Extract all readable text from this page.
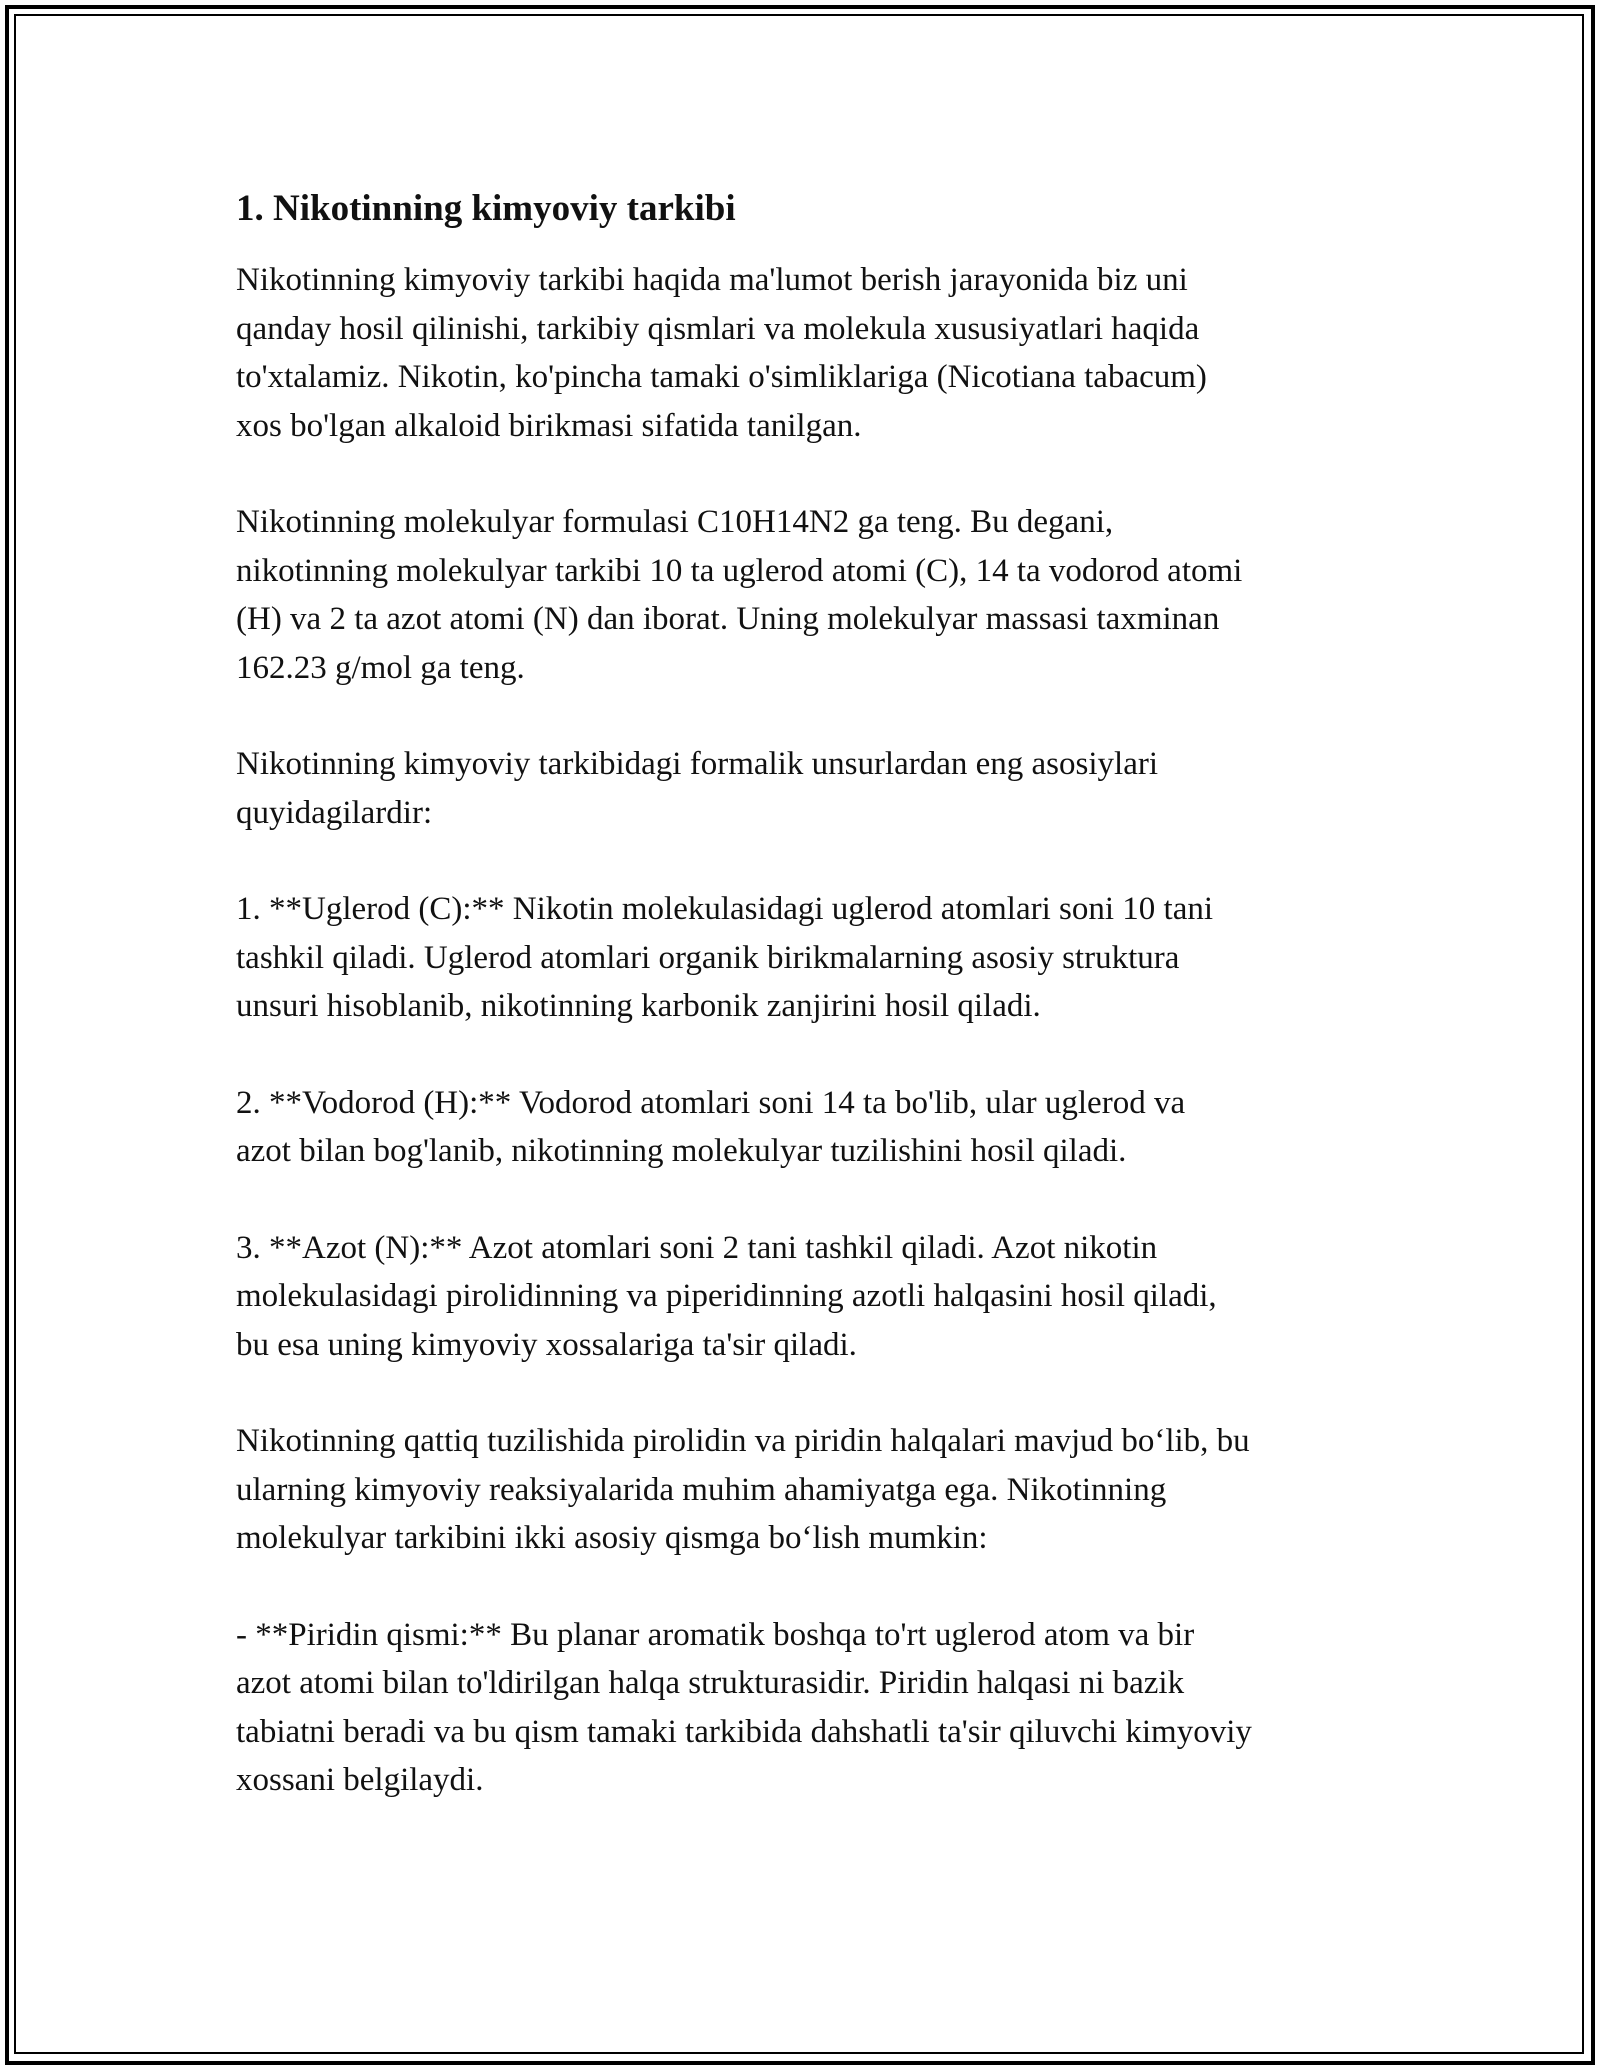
1. Nikotinning kimyoviy tarkibi

Nikotinning kimyoviy tarkibi haqida ma'lumot berish jarayonida biz uni
qanday hosil qilinishi, tarkibiy qismlari va molekula xususiyatlari haqida
to'xtalamiz. Nikotin, ko'pincha tamaki o'simliklariga (Nicotiana tabacum)
xos bo'lgan alkaloid birikmasi sifatida tanilgan.

Nikotinning molekulyar formulasi C10H14N2 ga teng. Bu degani,
nikotinning molekulyar tarkibi 10 ta uglerod atomi (C), 14 ta vodorod atomi
(H) va 2 ta azot atomi (N) dan iborat. Uning molekulyar massasi taxminan
162.23 g/mol ga teng.

Nikotinning kimyoviy tarkibidagi formalik unsurlardan eng asosiylari
quyidagilardir:

1. **Uglerod (C):** Nikotin molekulasidagi uglerod atomlari soni 10 tani
tashkil qiladi. Uglerod atomlari organik birikmalarning asosiy struktura
unsuri hisoblanib, nikotinning karbonik zanjirini hosil qiladi.

2. **Vodorod (H):** Vodorod atomlari soni 14 ta bo'lib, ular uglerod va
azot bilan bog'lanib, nikotinning molekulyar tuzilishini hosil qiladi.

3. **Azot (N):** Azot atomlari soni 2 tani tashkil qiladi. Azot nikotin
molekulasidagi pirolidinning va piperidinning azotli halqasini hosil qiladi,
bu esa uning kimyoviy xossalariga ta'sir qiladi.

Nikotinning qattiq tuzilishida pirolidin va piridin halqalari mavjud bo‘lib, bu
ularning kimyoviy reaksiyalarida muhim ahamiyatga ega. Nikotinning
molekulyar tarkibini ikki asosiy qismga bo‘lish mumkin:

- **Piridin qismi:** Bu planar aromatik boshqa to'rt uglerod atom va bir
azot atomi bilan to'ldirilgan halqa strukturasidir. Piridin halqasi ni bazik
tabiatni beradi va bu qism tamaki tarkibida dahshatli ta'sir qiluvchi kimyoviy
xossani belgilaydi.
